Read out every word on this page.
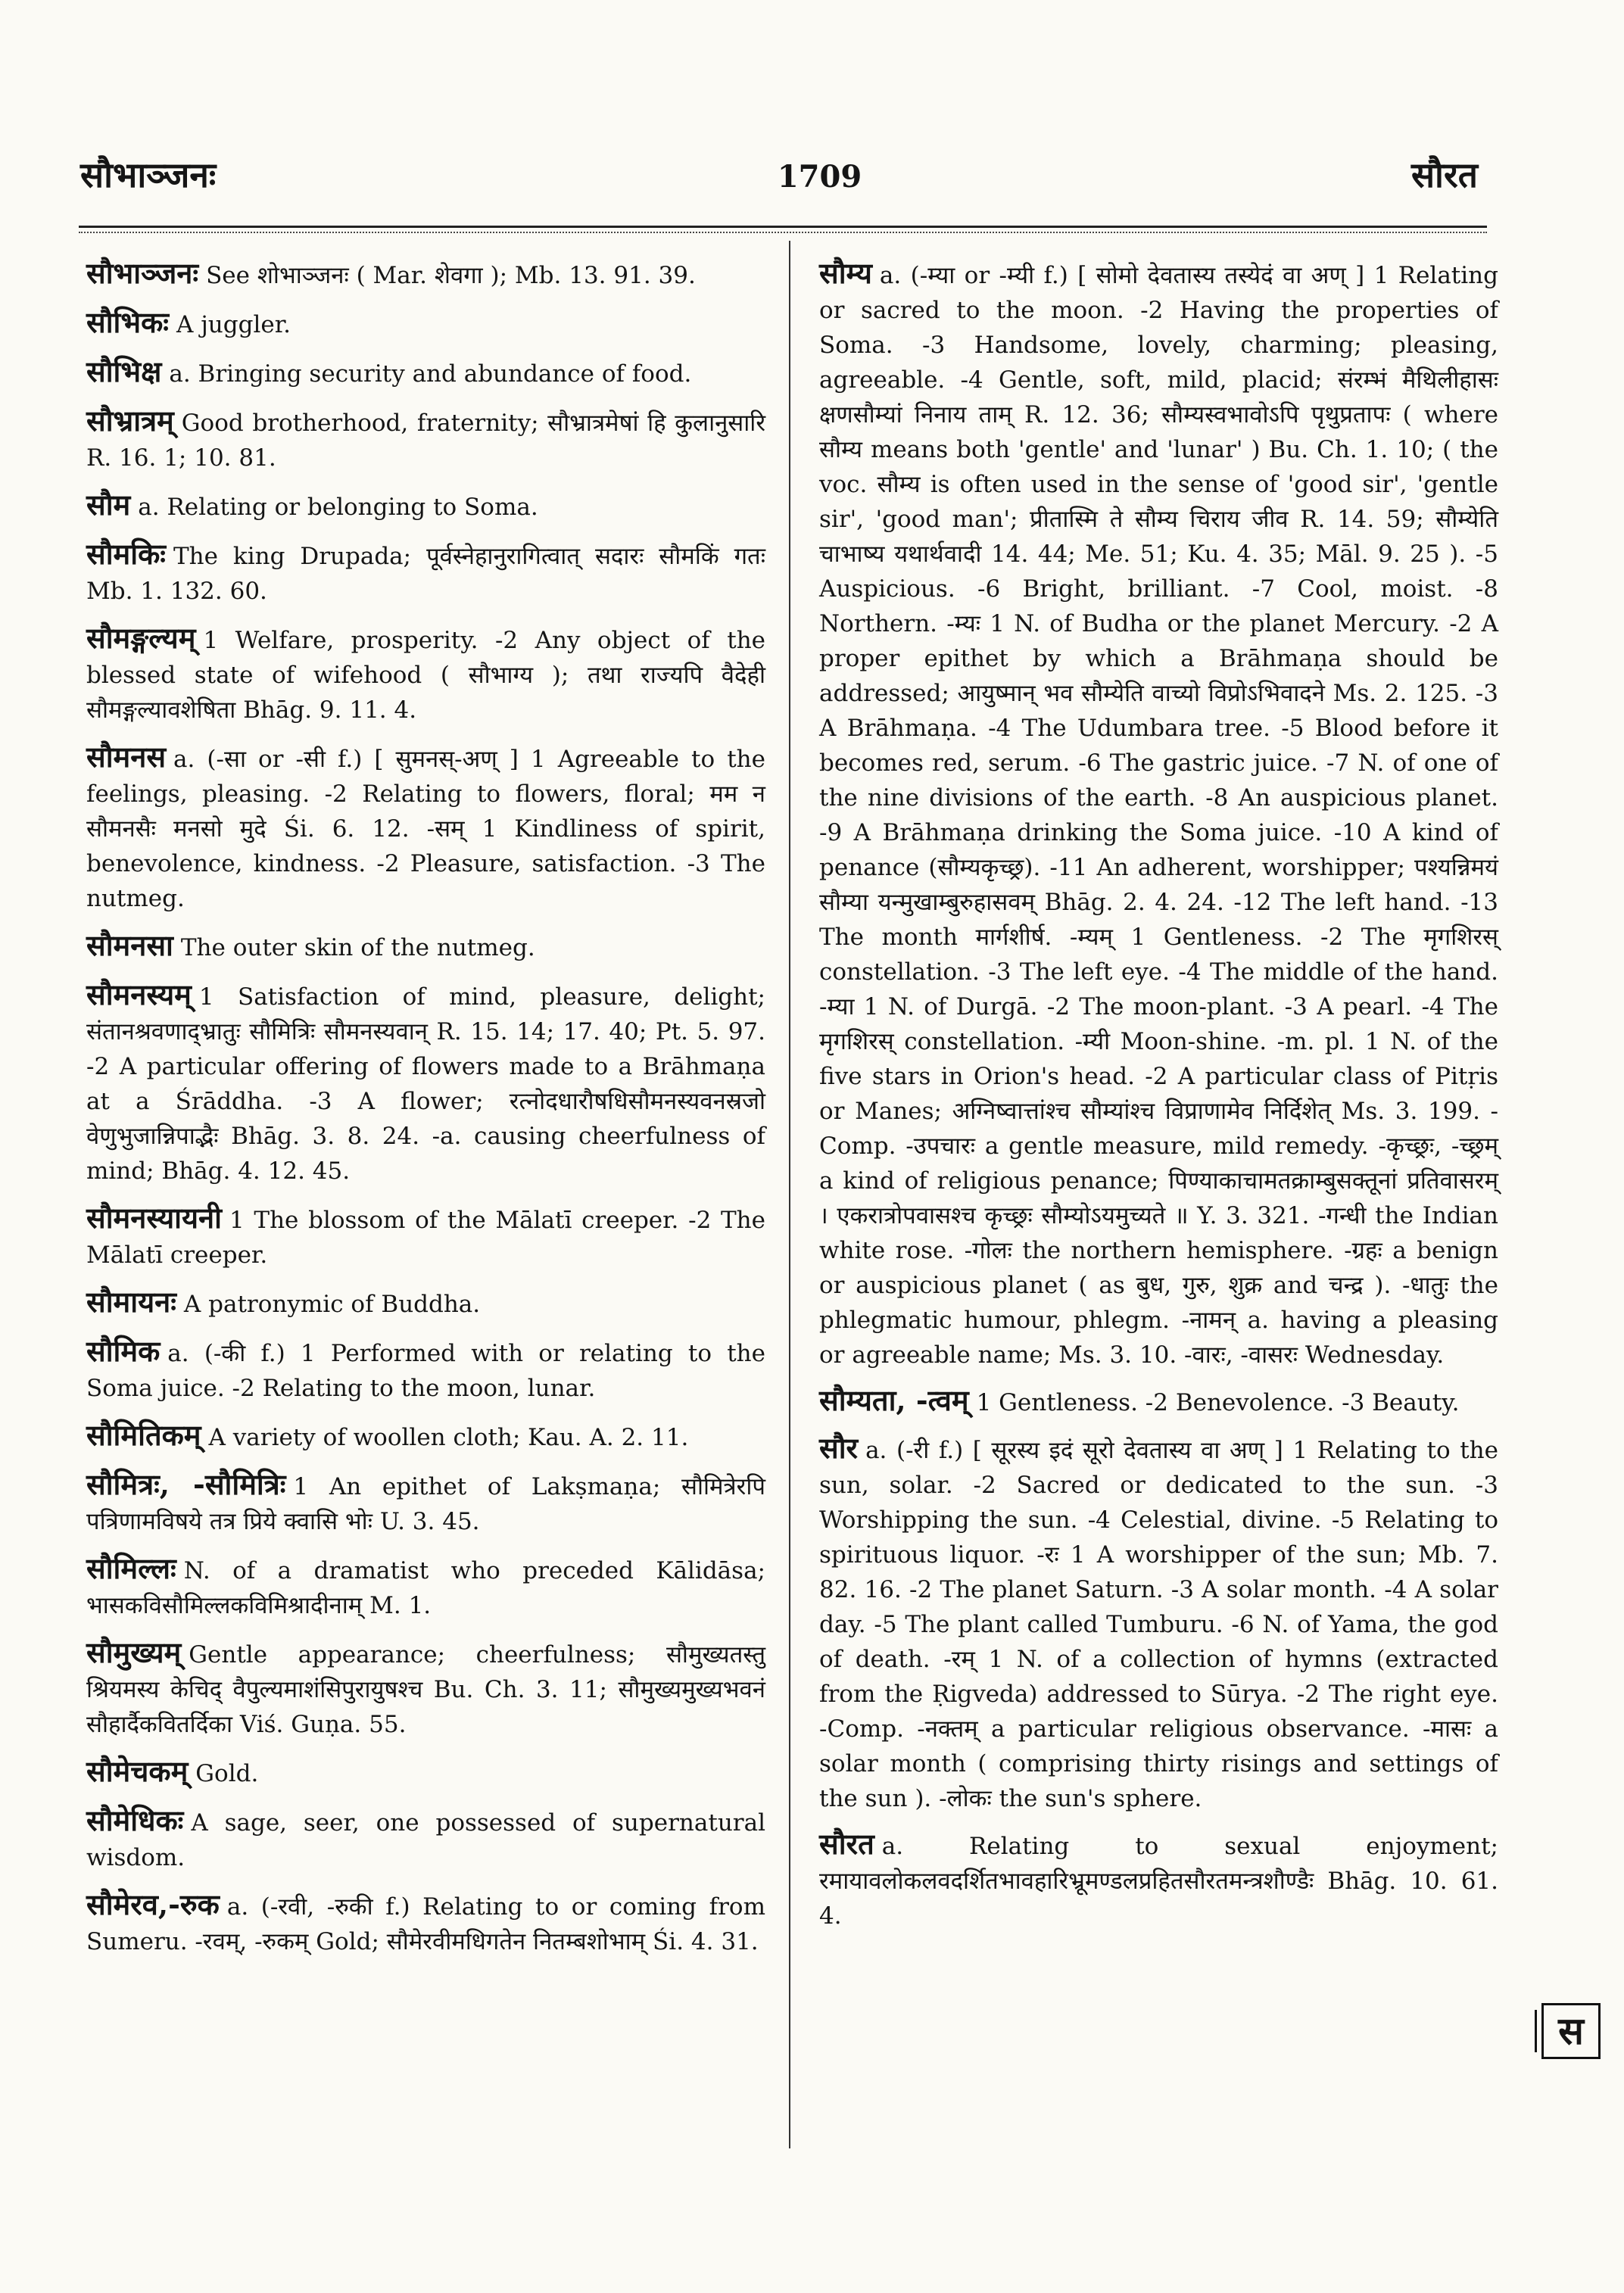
सौभाञ्जनः	1709	सौरत
सौभाञ्जनः See शोभाञ्जनः ( Mar. शेवगा ); Mb. 13. 91. 39.
सौभिकः A juggler.
सौभिक्ष a. Bringing security and abundance of food.
सौभ्रात्रम् Good brotherhood, fraternity; सौभ्रात्रमेषां हि कुलानुसारि R. 16. 1; 10. 81.
सौम a. Relating or belonging to Soma.
सौमकिः The king Drupada; पूर्वस्नेहानुरागित्वात् सदारः सौमकिं गतः Mb. 1. 132. 60.
सौमङ्गल्यम् 1 Welfare, prosperity. -2 Any object of the blessed state of wifehood ( सौभाग्य ); तथा राज्यपि वैदेही सौमङ्गल्यावशेषिता Bhāg. 9. 11. 4.
सौमनस a. (-सा or -सी f.) [ सुमनस्-अण् ] 1 Agreeable to the feelings, pleasing. -2 Relating to flowers, floral; मम न सौमनसैः मनसो मुदे Śi. 6. 12. -सम् 1 Kindliness of spirit, benevolence, kindness. -2 Pleasure, satisfaction. -3 The nutmeg.
सौमनसा The outer skin of the nutmeg.
सौमनस्यम् 1 Satisfaction of mind, pleasure, delight; संतानश्रवणाद्भ्रातुः सौमित्रिः सौमनस्यवान् R. 15. 14; 17. 40; Pt. 5. 97. -2 A particular offering of flowers made to a Brāhmaṇa at a Śrāddha. -3 A flower; रत्नोदधारौषधिसौमनस्यवनस्रजो वेणुभुजान्निपाद्भैः Bhāg. 3. 8. 24. -a. causing cheerfulness of mind; Bhāg. 4. 12. 45.
सौमनस्यायनी 1 The blossom of the Mālatī creeper. -2 The Mālatī creeper.
सौमायनः A patronymic of Buddha.
सौमिक a. (-की f.) 1 Performed with or relating to the Soma juice. -2 Relating to the moon, lunar.
सौमितिकम् A variety of woollen cloth; Kau. A. 2. 11.
सौमित्रः, -सौमित्रिः 1 An epithet of Lakṣmaṇa; सौमित्रेरपि पत्रिणामविषये तत्र प्रिये क्वासि भोः U. 3. 45.
सौमिल्लः N. of a dramatist who preceded Kālidāsa; भासकविसौमिल्लकविमिश्रादीनाम् M. 1.
सौमुख्यम् Gentle appearance; cheerfulness; सौमुख्यतस्तु श्रियमस्य केचिद् वैपुल्यमाशंसिपुरायुषश्च Bu. Ch. 3. 11; सौमुख्यमुख्यभवनं सौहार्दैकवितर्दिका Viś. Guṇa. 55.
सौमेचकम् Gold.
सौमेधिकः A sage, seer, one possessed of supernatural wisdom.
सौमेरव,-रुक a. (-रवी, -रुकी f.) Relating to or coming from Sumeru. -रवम्, -रुकम् Gold; सौमेरवीमधिगतेन नितम्बशोभाम् Śi. 4. 31.
सौम्य a. (-म्या or -म्यी f.) [ सोमो देवतास्य तस्येदं वा अण् ] 1 Relating or sacred to the moon. -2 Having the properties of Soma. -3 Handsome, lovely, charming; pleasing, agreeable. -4 Gentle, soft, mild, placid; संरम्भं मैथिलीहासः क्षणसौम्यां निनाय ताम् R. 12. 36; सौम्यस्वभावोऽपि पृथुप्रतापः ( where सौम्य means both 'gentle' and 'lunar' ) Bu. Ch. 1. 10; ( the voc. सौम्य is often used in the sense of 'good sir', 'gentle sir', 'good man'; प्रीतास्मि ते सौम्य चिराय जीव R. 14. 59; सौम्येति चाभाष्य यथार्थवादी 14. 44; Me. 51; Ku. 4. 35; Māl. 9. 25 ). -5 Auspicious. -6 Bright, brilliant. -7 Cool, moist. -8 Northern. -म्यः 1 N. of Budha or the planet Mercury. -2 A proper epithet by which a Brāhmaṇa should be addressed; आयुष्मान् भव सौम्येति वाच्यो विप्रोऽभिवादने Ms. 2. 125. -3 A Brāhmaṇa. -4 The Udumbara tree. -5 Blood before it becomes red, serum. -6 The gastric juice. -7 N. of one of the nine divisions of the earth. -8 An auspicious planet. -9 A Brāhmaṇa drinking the Soma juice. -10 A kind of penance (सौम्यकृच्छ्र). -11 An adherent, worshipper; पश्यन्निमयं सौम्या यन्मुखाम्बुरुहासवम् Bhāg. 2. 4. 24. -12 The left hand. -13 The month मार्गशीर्ष. -म्यम् 1 Gentleness. -2 The मृगशिरस् constellation. -3 The left eye. -4 The middle of the hand. -म्या 1 N. of Durgā. -2 The moon-plant. -3 A pearl. -4 The मृगशिरस् constellation. -म्यी Moon-shine. -m. pl. 1 N. of the five stars in Orion's head. -2 A particular class of Pitṛis or Manes; अग्निष्वात्तांश्च सौम्यांश्च विप्राणामेव निर्दिशेत् Ms. 3. 199. -Comp. -उपचारः a gentle measure, mild remedy. -कृच्छ्रः, -च्छ्रम् a kind of religious penance; पिण्याकाचामतक्राम्बुसक्तूनां प्रतिवासरम् । एकरात्रोपवासश्च कृच्छ्रः सौम्योऽयमुच्यते ॥ Y. 3. 321. -गन्धी the Indian white rose. -गोलः the northern hemisphere. -ग्रहः a benign or auspicious planet ( as बुध, गुरु, शुक्र and चन्द्र ). -धातुः the phlegmatic humour, phlegm. -नामन् a. having a pleasing or agreeable name; Ms. 3. 10. -वारः, -वासरः Wednesday.
सौम्यता, -त्वम् 1 Gentleness. -2 Benevolence. -3 Beauty.
सौर a. (-री f.) [ सूरस्य इदं सूरो देवतास्य वा अण् ] 1 Relating to the sun, solar. -2 Sacred or dedicated to the sun. -3 Worshipping the sun. -4 Celestial, divine. -5 Relating to spirituous liquor. -रः 1 A worshipper of the sun; Mb. 7. 82. 16. -2 The planet Saturn. -3 A solar month. -4 A solar day. -5 The plant called Tumburu. -6 N. of Yama, the god of death. -रम् 1 N. of a collection of hymns (extracted from the Ṛigveda) addressed to Sūrya. -2 The right eye. -Comp. -नक्तम् a particular religious observance. -मासः a solar month ( comprising thirty risings and settings of the sun ). -लोकः the sun's sphere.
सौरत a. Relating to sexual enjoyment; रमायावलोकलवदर्शितभावहारिभ्रूमण्डलप्रहितसौरतमन्त्रशौण्डैः Bhāg. 10. 61. 4.
स
